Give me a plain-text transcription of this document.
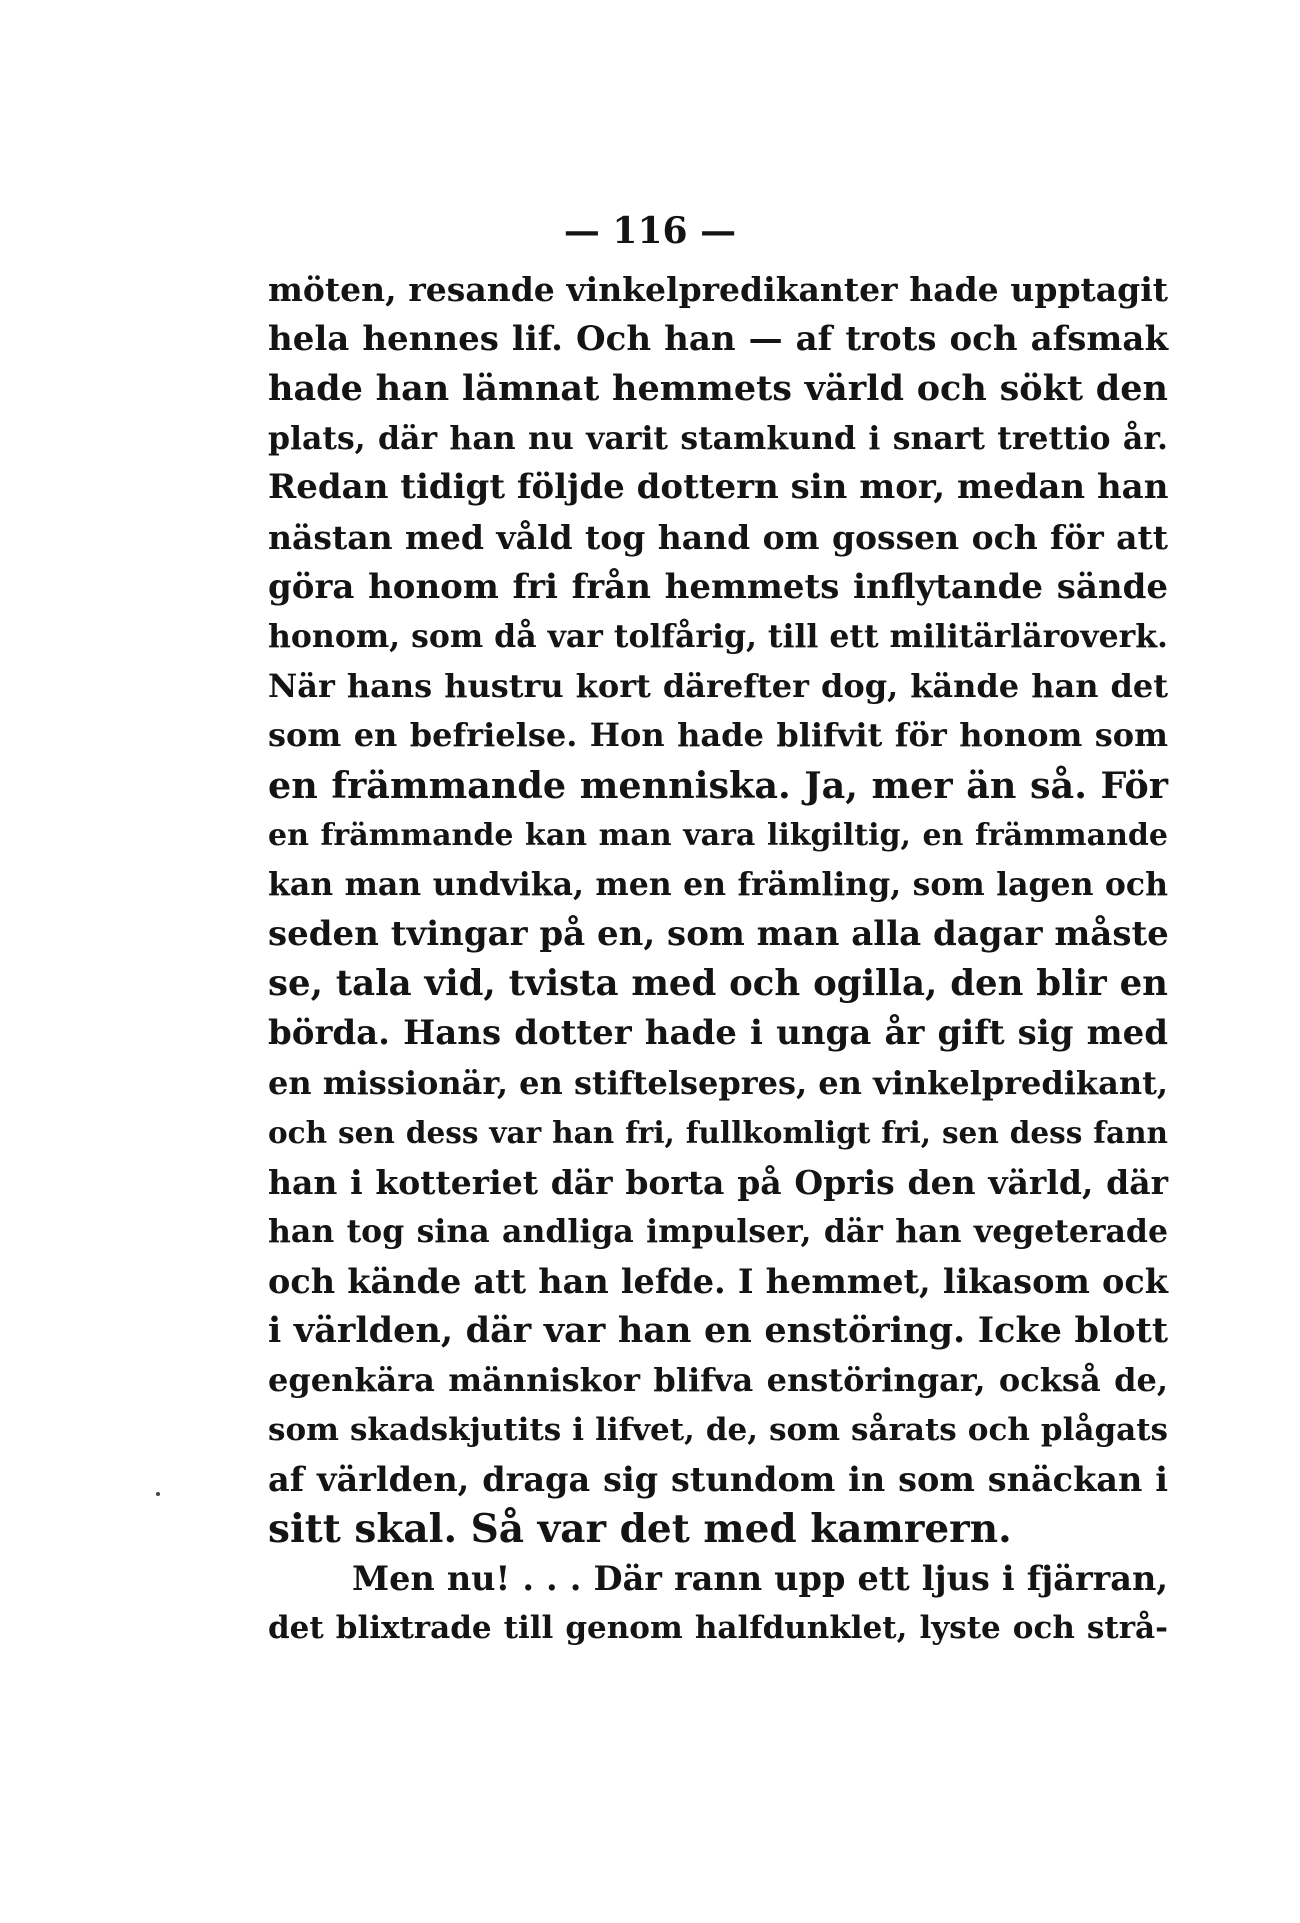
— 116 —
möten, resande vinkelpredikanter hade upptagit
hela hennes lif. Och han — af trots och afsmak
hade han lämnat hemmets värld och sökt den
plats, där han nu varit stamkund i snart trettio år.
Redan tidigt följde dottern sin mor, medan han
nästan med våld tog hand om gossen och för att
göra honom fri från hemmets inflytande sände
honom, som då var tolfårig, till ett militärläroverk.
När hans hustru kort därefter dog, kände han det
som en befrielse. Hon hade blifvit för honom som
en främmande menniska. Ja, mer än så. För
en främmande kan man vara likgiltig, en främmande
kan man undvika, men en främling, som lagen och
seden tvingar på en, som man alla dagar måste
se, tala vid, tvista med och ogilla, den blir en
börda. Hans dotter hade i unga år gift sig med
en missionär, en stiftelsepres, en vinkelpredikant,
och sen dess var han fri, fullkomligt fri, sen dess fann
han i kotteriet där borta på Opris den värld, där
han tog sina andliga impulser, där han vegeterade
och kände att han lefde. I hemmet, likasom ock
i världen, där var han en enstöring. Icke blott
egenkära människor blifva enstöringar, också de,
som skadskjutits i lifvet, de, som sårats och plågats
af världen, draga sig stundom in som snäckan i
sitt skal. Så var det med kamrern.
Men nu! . . . Där rann upp ett ljus i fjärran,
det blixtrade till genom halfdunklet, lyste och strå-
